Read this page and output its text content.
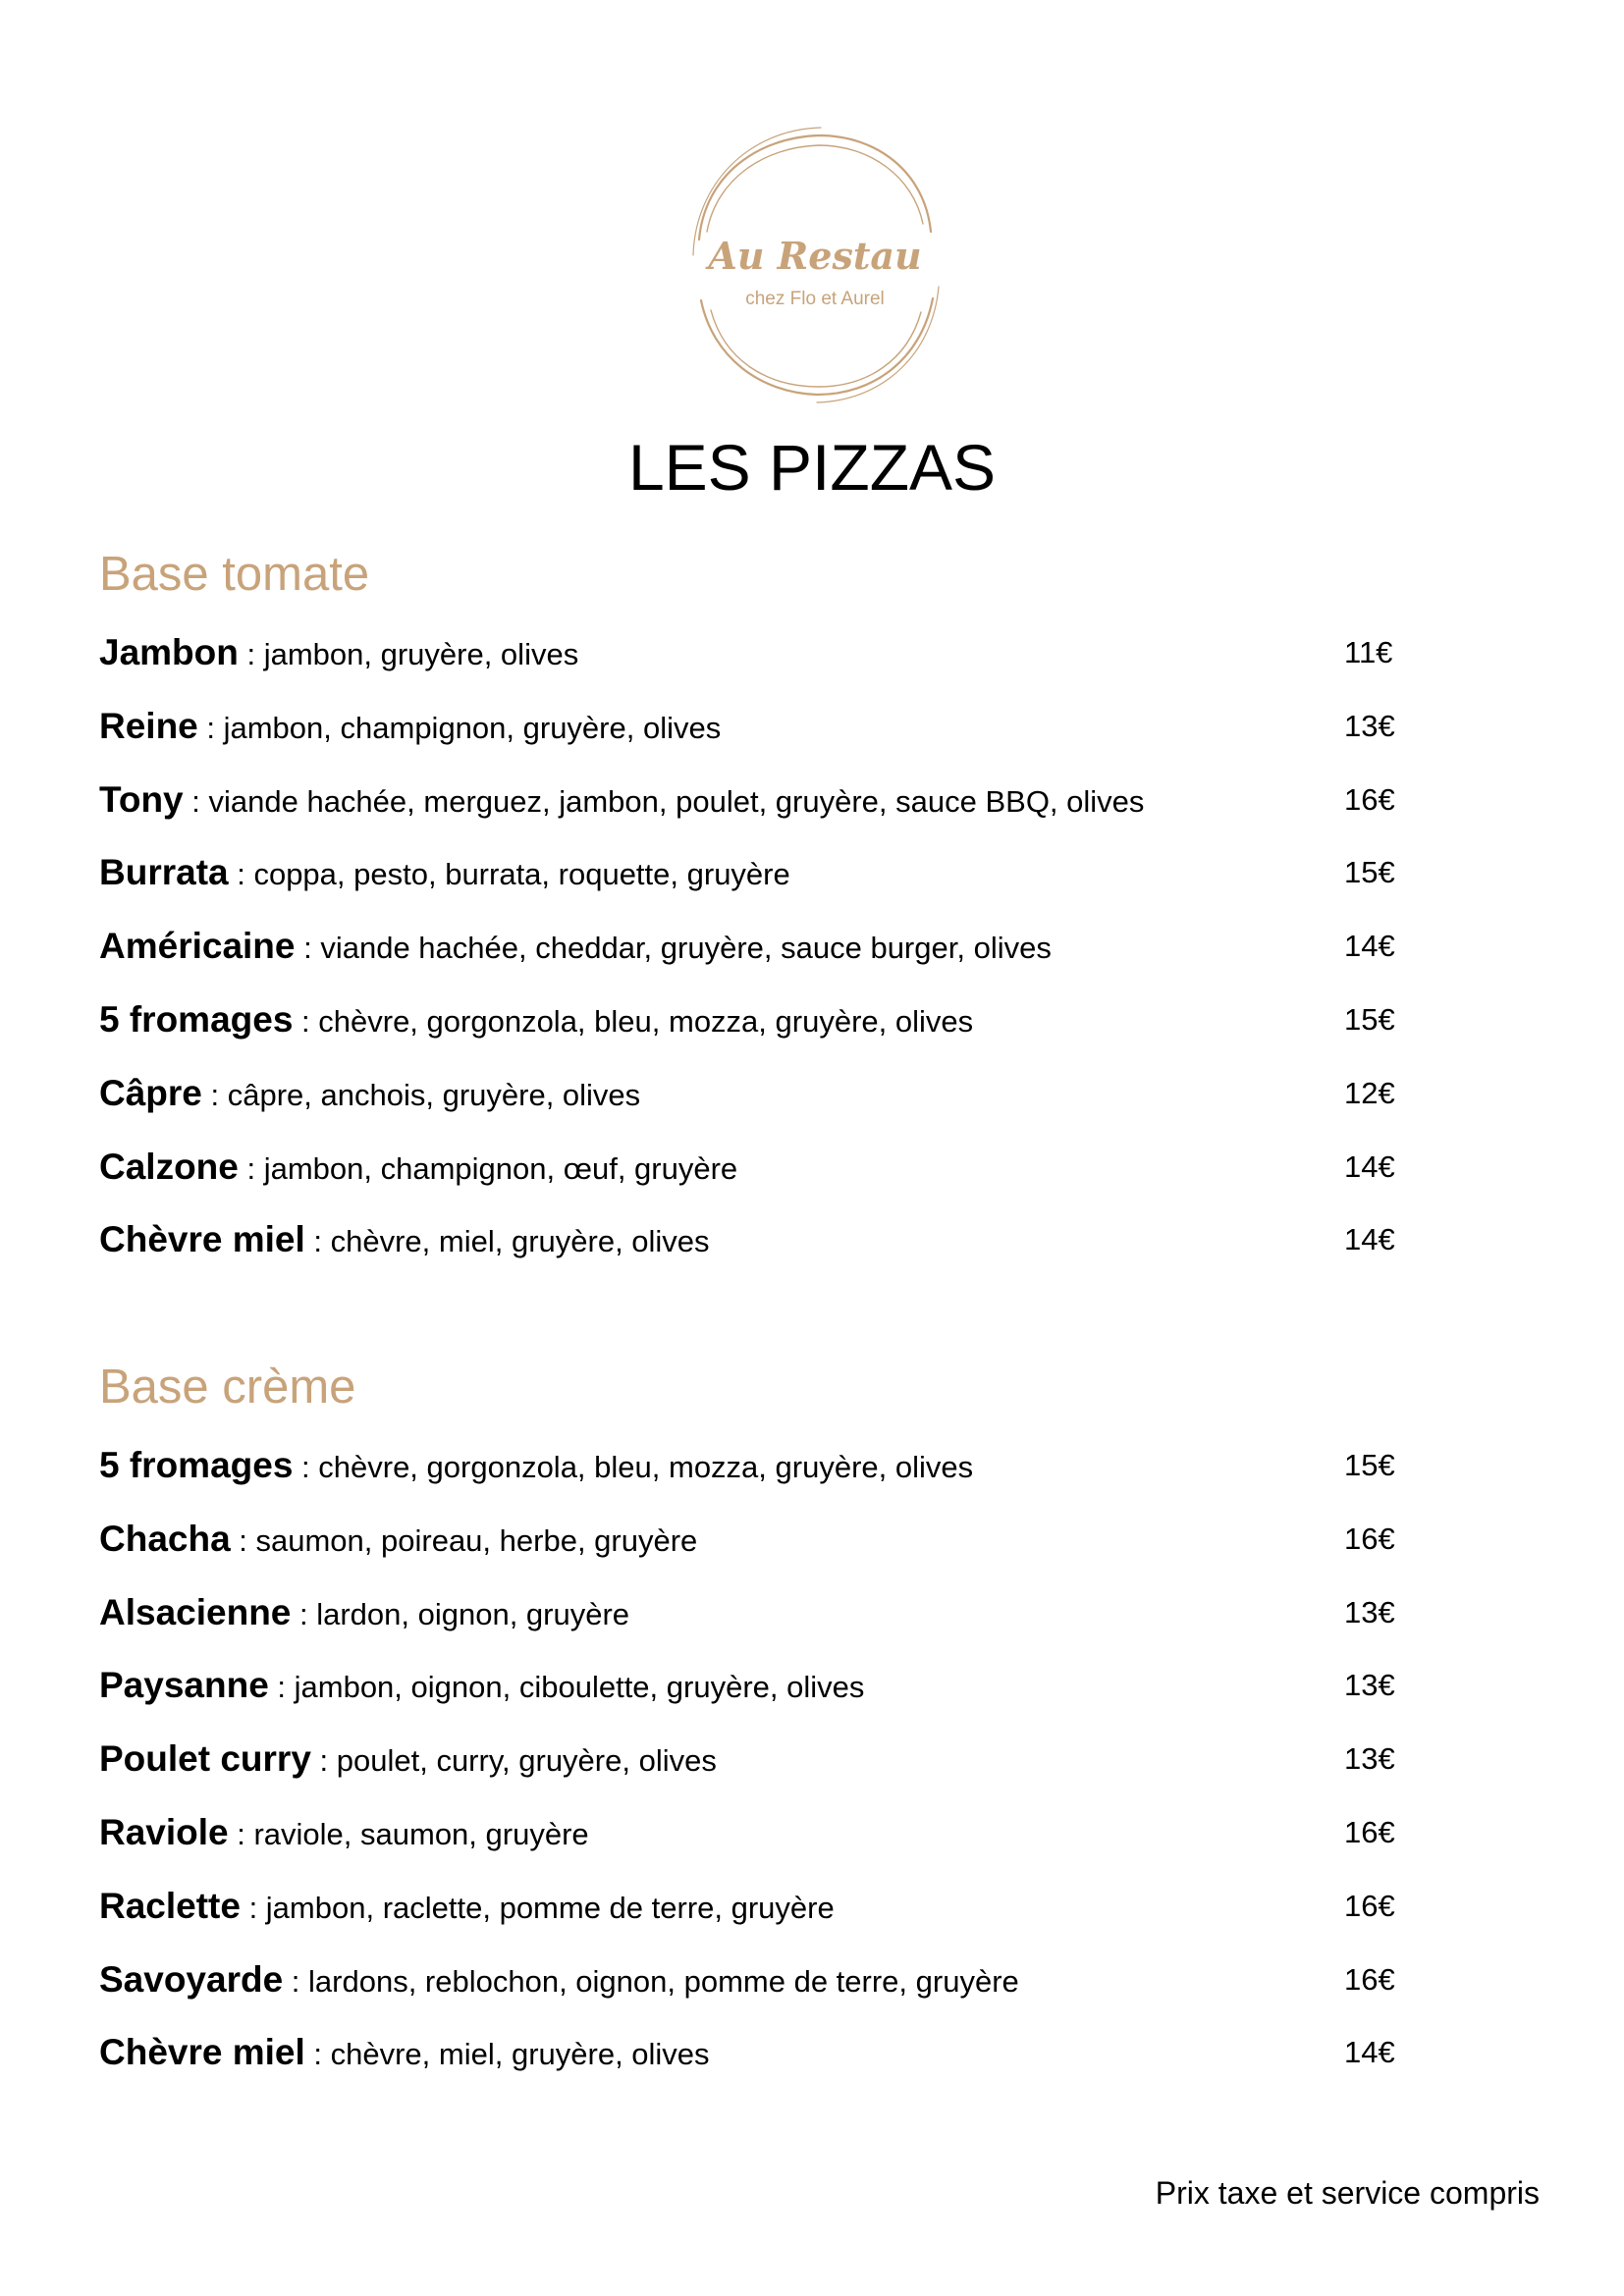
Au Restau
chez Flo et Aurel
LES PIZZAS
Base tomate
Jambon : jambon, gruyère, olives	11€
Reine : jambon, champignon, gruyère, olives	13€
Tony : viande hachée, merguez, jambon, poulet, gruyère, sauce BBQ, olives	16€
Burrata : coppa, pesto, burrata, roquette, gruyère	15€
Américaine : viande hachée, cheddar, gruyère, sauce burger, olives	14€
5 fromages : chèvre, gorgonzola, bleu, mozza, gruyère, olives	15€
Câpre : câpre, anchois, gruyère, olives	12€
Calzone : jambon, champignon, œuf, gruyère	14€
Chèvre miel : chèvre, miel, gruyère, olives	14€
Base crème
5 fromages : chèvre, gorgonzola, bleu, mozza, gruyère, olives	15€
Chacha : saumon, poireau, herbe, gruyère	16€
Alsacienne : lardon, oignon, gruyère	13€
Paysanne : jambon, oignon, ciboulette, gruyère, olives	13€
Poulet curry : poulet, curry, gruyère, olives	13€
Raviole : raviole, saumon, gruyère	16€
Raclette : jambon, raclette, pomme de terre, gruyère	16€
Savoyarde : lardons, reblochon, oignon, pomme de terre, gruyère	16€
Chèvre miel : chèvre, miel, gruyère, olives	14€

Prix taxe et service compris
